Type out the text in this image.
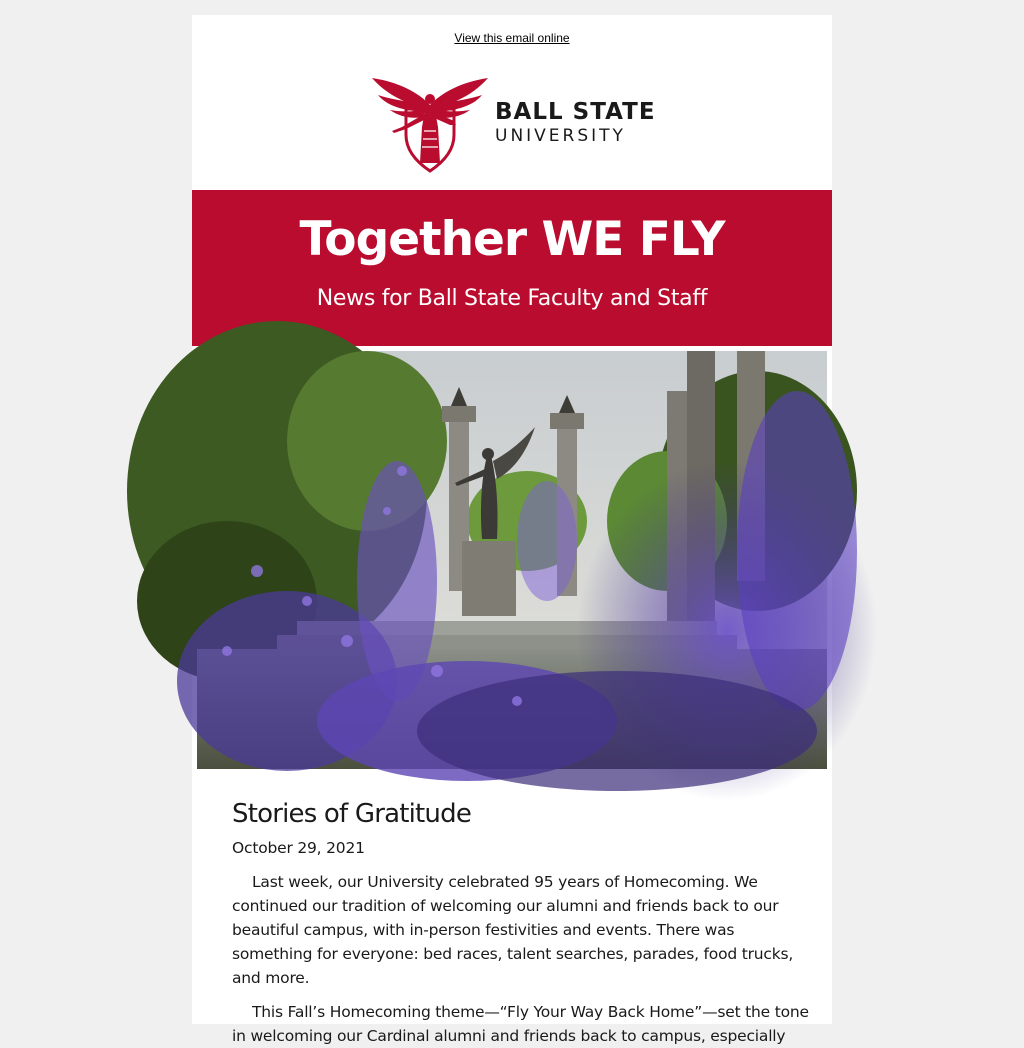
View this email online
BALL STATE
UNIVERSITY
Together WE FLY
News for Ball State Faculty and Staff
Stories of Gratitude
October 29, 2021
Last week, our University celebrated 95 years of Homecoming. We continued our tradition of welcoming our alumni and friends back to our beautiful campus, with in-person festivities and events. There was something for everyone: bed races, talent searches, parades, food trucks, and more.
This Fall’s Homecoming theme—“Fly Your Way Back Home”—set the tone in welcoming our Cardinal alumni and friends back to campus, especially
